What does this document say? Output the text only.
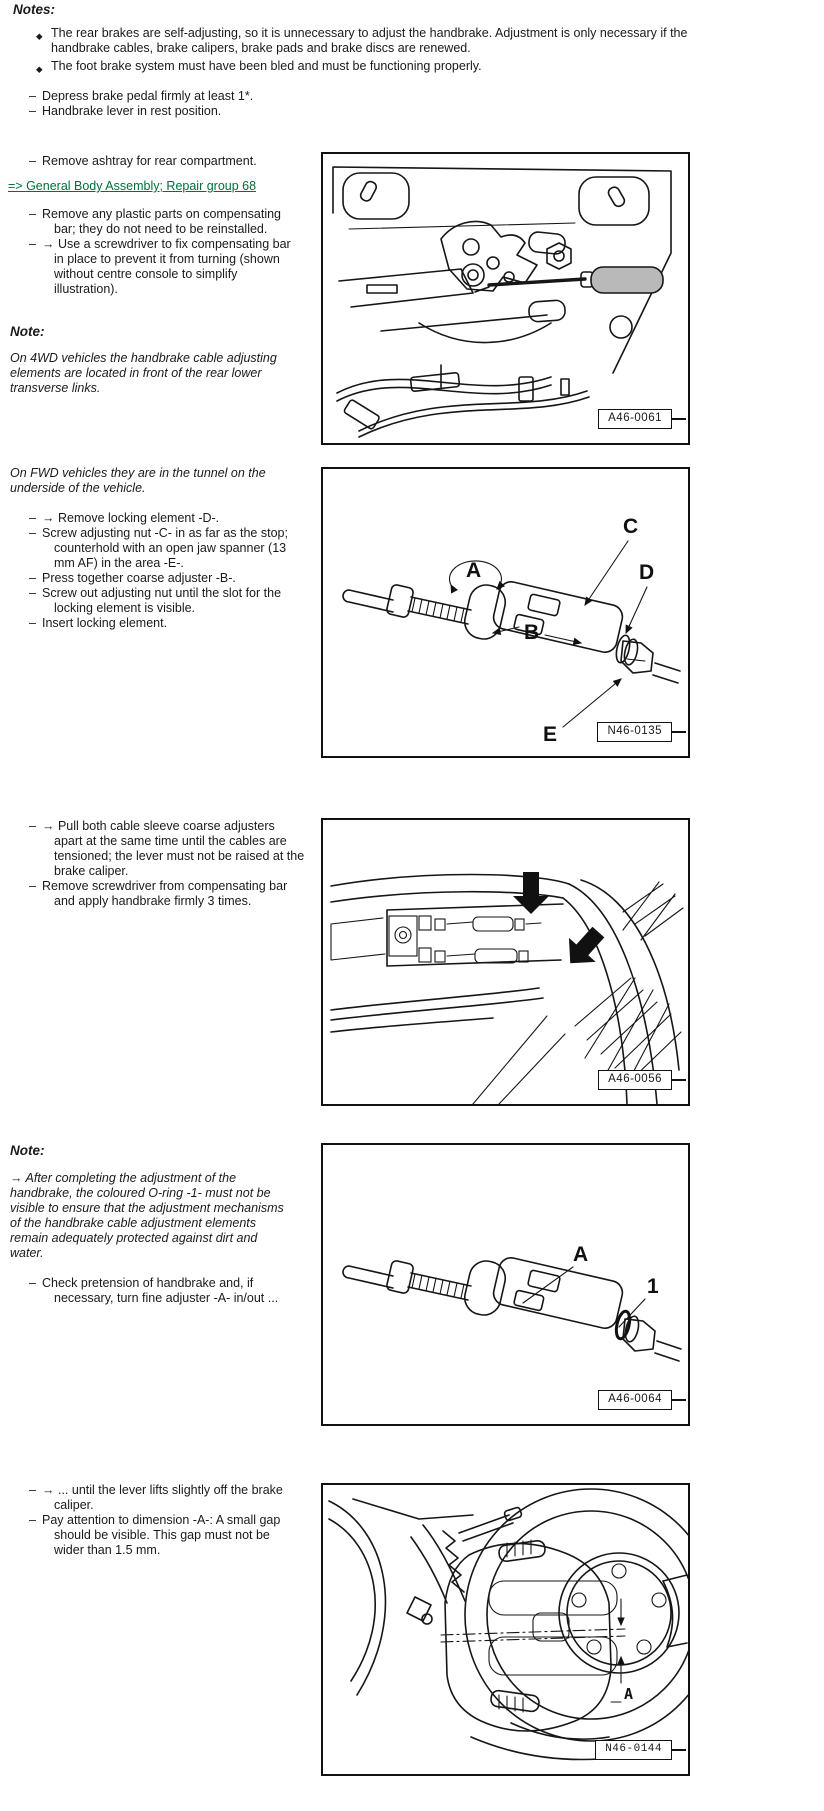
Notes:
◆ The rear brakes are self-adjusting, so it is unnecessary to adjust the handbrake. Adjustment is only necessary if the handbrake cables, brake calipers, brake pads and brake discs are renewed.
◆ The foot brake system must have been bled and must be functioning properly.
– Depress brake pedal firmly at least 1*.
– Handbrake lever in rest position.
– Remove ashtray for rear compartment.
=> General Body Assembly; Repair group 68
– Remove any plastic parts on compensating bar; they do not need to be reinstalled.
– → Use a screwdriver to fix compensating bar in place to prevent it from turning (shown without centre console to simplify illustration).
Note:
On 4WD vehicles the handbrake cable adjusting elements are located in front of the rear lower transverse links.
On FWD vehicles they are in the tunnel on the underside of the vehicle.
– → Remove locking element -D-.
– Screw adjusting nut -C- in as far as the stop; counterhold with an open jaw spanner (13 mm AF) in the area -E-.
– Press together coarse adjuster -B-.
– Screw out adjusting nut until the slot for the locking element is visible.
– Insert locking element.
– → Pull both cable sleeve coarse adjusters apart at the same time until the cables are tensioned; the lever must not be raised at the brake caliper.
– Remove screwdriver from compensating bar and apply handbrake firmly 3 times.
Note:
→ After completing the adjustment of the handbrake, the coloured O-ring -1- must not be visible to ensure that the adjustment mechanisms of the handbrake cable adjustment elements remain adequately protected against dirt and water.
– Check pretension of handbrake and, if necessary, turn fine adjuster -A- in/out ...
– → ... until the lever lifts slightly off the brake caliper.
– Pay attention to dimension -A-: A small gap should be visible. This gap must not be wider than 1.5 mm.
A46-0061
A
B
C
D
E	N46-0135
A46-0056
A
1
A46-0064
A
N46-0144
